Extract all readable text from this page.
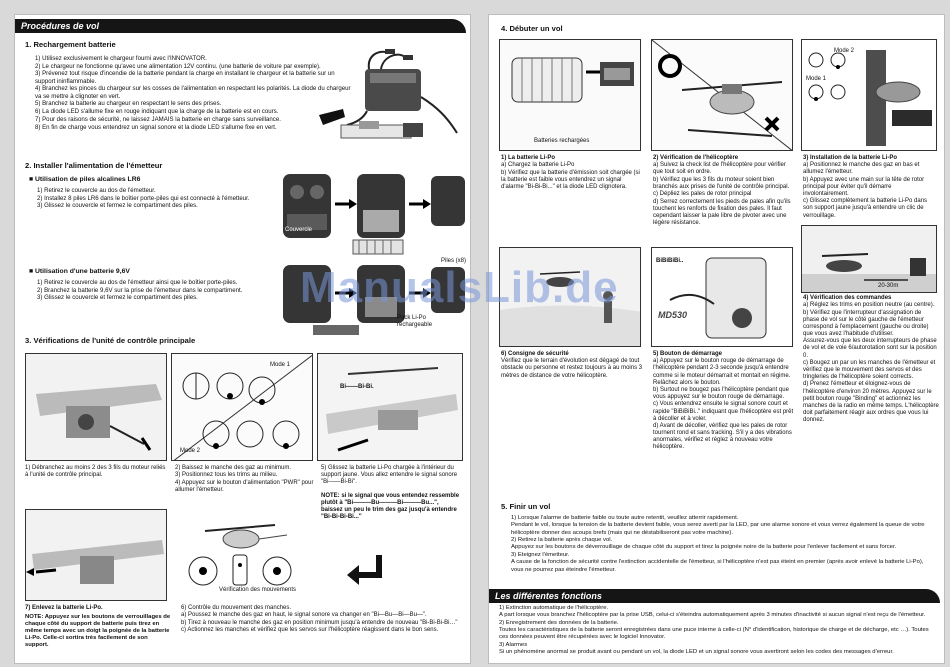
Procédures de vol
1. Rechargement batterie
1) Utilisez exclusivement le chargeur fourni avec l'INNOVATOR.
2) Le chargeur ne fonctionne qu'avec une alimentation 12V continu. (une batterie de voiture par exemple).
3) Prévenez tout risque d'incendie de la batterie pendant la charge en installant le chargeur et la batterie sur un support ininflammable.
4) Branchez les pinces du chargeur sur les cosses de l'alimentation en respectant les polarités. La diode du chargeur va se mettre à clignoter en vert.
5) Branchez la batterie au chargeur en respectant le sens des prises.
6) La diode LED s'allume fixe en rouge indiquant que la charge de la batterie est en cours.
7) Pour des raisons de sécurité, ne laissez JAMAIS la batterie en charge sans surveillance.
8) En fin de charge vous entendrez un signal sonore et la diode LED s'allume fixe en vert.
2. Installer l'alimentation de l'émetteur
■ Utilisation de piles alcalines LR6
1) Retirez le couvercle au dos de l'émetteur.
2) Installez 8 piles LR6 dans le boîtier porte-piles qui est connecté à l'émetteur.
3) Glissez le couvercle et fermez le compartiment des piles.
Couvercle
Piles (x8)
■ Utilisation d'une batterie 9,6V
1) Retirez le couvercle au dos de l'émetteur ainsi que le boîtier porte-piles.
2) Branchez la batterie 9,6V sur la prise de l'émetteur dans le compartiment.
3) Glissez le couvercle et fermez le compartiment des piles.
Pack Li-Po rechargeable
3. Vérifications de l'unité de contrôle principale
Mode 1
Mode 2
Bi——Bi-Bi.
1) Débranchez au moins 2 des 3 fils du moteur reliés à l'unité de contrôle principal.
2) Baissez le manche des gaz au minimum.
3) Positionnez tous les trims au milieu.
4) Appuyez sur le bouton d'alimentation "PWR" pour allumer l'émetteur.
5) Glissez la batterie Li-Po chargée à l'intérieur du support jaune. Vous allez entendre le signal sonore "Bi——Bi-Bi".
NOTE: si le signal que vous entendez ressemble plutôt à "Bi———Bu———Bi———Bu...", baissez un peu le trim des gaz jusqu'à entendre "Bi-Bi-Bi-Bi..."
Vérification des mouvements
7) Enlevez la batterie Li-Po.
NOTE: Appuyez sur les boutons de verrouillages de chaque côté du support de batterie puis tirez en même temps avec un doigt la poignée de la batterie Li-Po. Celle-ci sortira très facilement de son support.
6) Contrôle du mouvement des manches.
a) Poussez le manche des gaz en haut, le signal sonore va changer en "Bi—Bu—Bi—Bu—".
b) Tirez à nouveau le manche des gaz en position minimum jusqu'à entendre de nouveau "Bi-Bi-Bi-Bi…"
c) Actionnez les manches et vérifiez que les servos sur l'hélicoptère réagissent dans le bon sens.
4. Débuter un vol
Batteries rechargées
Mode 1
Mode 2
1) La batterie Li-Po
a) Chargez la batterie Li-Po
b) Vérifiez que la batterie d'émission soit chargée (si la batterie est faible vous entendrez un signal d'alarme "Bi-Bi-Bi..." et la diode LED clignotera.
2) Vérification de l'hélicoptère
a) Suivez la check list de l'hélicoptère pour vérifier que tout soit en ordre.
b) Vérifiez que les 3 fils du moteur soient bien branchés aux prises de l'unité de contrôle principal.
c) Dépliez les pales de rotor principal
d) Serrez correctement les pieds de pales afin qu'ils touchent les renforts de fixation des pales. Il faut cependant laisser la pale libre de pivoter avec une légère résistance.
3) Installation de la batterie Li-Po
a) Positionnez le manche des gaz en bas et allumez l'émetteur.
b) Appuyez avec une main sur la tête de rotor principal pour éviter qu'il démarre involontairement.
c) Glissez complètement la batterie Li-Po dans son support jaune jusqu'à entendre un clic de verrouillage.
20-30m
4) Vérification des commandes
a) Réglez les trims en position neutre (au centre).
b) Vérifiez que l'interrupteur d'assignation de phase de vol sur le côté gauche de l'émetteur correspond à l'emplacement (gauche ou droite) que vous avez l'habitude d'utiliser.
Assurez-vous que les deux interrupteurs de phase de vol et de voie 6/autorotation sont sur la position 0.
c) Bougez un par un les manches de l'émetteur et vérifiez que le mouvement des servos et des tringleries de l'hélicoptère soient corrects.
d) Prenez l'émetteur et éloignez-vous de l'hélicoptère d'environ 20 mètres. Appuyez sur le petit bouton rouge "Binding" et actionnez les manches de la radio en même temps. L'hélicoptère doit parfaitement réagir aux ordres que vous lui donnez.
BiBiBiBi..
MD530
6) Consigne de sécurité
Vérifiez que le terrain d'évolution est dégagé de tout obstacle ou personne et restez toujours à au moins 3 mètres de distance de votre hélicoptère.
5) Bouton de démarrage
a) Appuyez sur le bouton rouge de démarrage de l'hélicoptère pendant 2-3 seconde jusqu'à entendre comme si le moteur démarrait et montait en régime. Relâchez alors le bouton.
b) Surtout ne bougez pas l'hélicoptère pendant que vous appuyez sur le bouton rouge de démarrage.
c) Vous entendrez ensuite le signal sonore court et rapide "BiBiBiBi.." indiquant que l'hélicoptère est prêt à décoller et à voler.
d) Avant de décoller, vérifiez que les pales de rotor tournent rond et sans tracking. S'il y a des vibrations anormales, vérifiez et réglez à nouveau votre hélicoptère.
5. Finir un vol
1) Lorsque l'alarme de batterie faible ou toute autre retentit, veuillez atterrir rapidement.
Pendant le vol, lorsque la tension de la batterie devient faible, vous serez averti par la LED, par une alarme sonore et vous verrez également la queue de votre hélicoptère donner des acoups brefs (mais qui ne déstabiliseront pas votre machine).
2) Retirez la batterie après chaque vol.
Appuyez sur les boutons de déverrouillage de chaque côté du support et tirez la poignée noire de la batterie pour l'enlever facilement et sans forcer.
3) Eteignez l'émetteur.
A cause de la fonction de sécurité contre l'extinction accidentelle de l'émetteur, si l'hélicoptère n'est pas éteint en premier (après avoir enlevé la batterie Li-Po), vous ne pourrez pas éteindre l'émetteur.
Les différentes fonctions
1) Extinction automatique de l'hélicoptère.
A part lorsque vous branchez l'hélicoptère par la prise USB, celui-ci s'éteindra automatiquement après 3 minutes d'inactivité si aucun signal n'est reçu de l'émetteur.
2) Enregistrement des données de la batterie.
Toutes les caractéristiques de la batterie seront enregistrées dans une puce interne à celle-ci (N° d'identification, historique de charge et de décharge, etc …). Toutes ces données peuvent être récupérées avec le logiciel Innovator.
3) Alarmes
Si un phénomène anormal se produit avant ou pendant un vol, la diode LED et un signal sonore vous avertiront selon les codes des messages d'erreur.
ManualsLib.de
